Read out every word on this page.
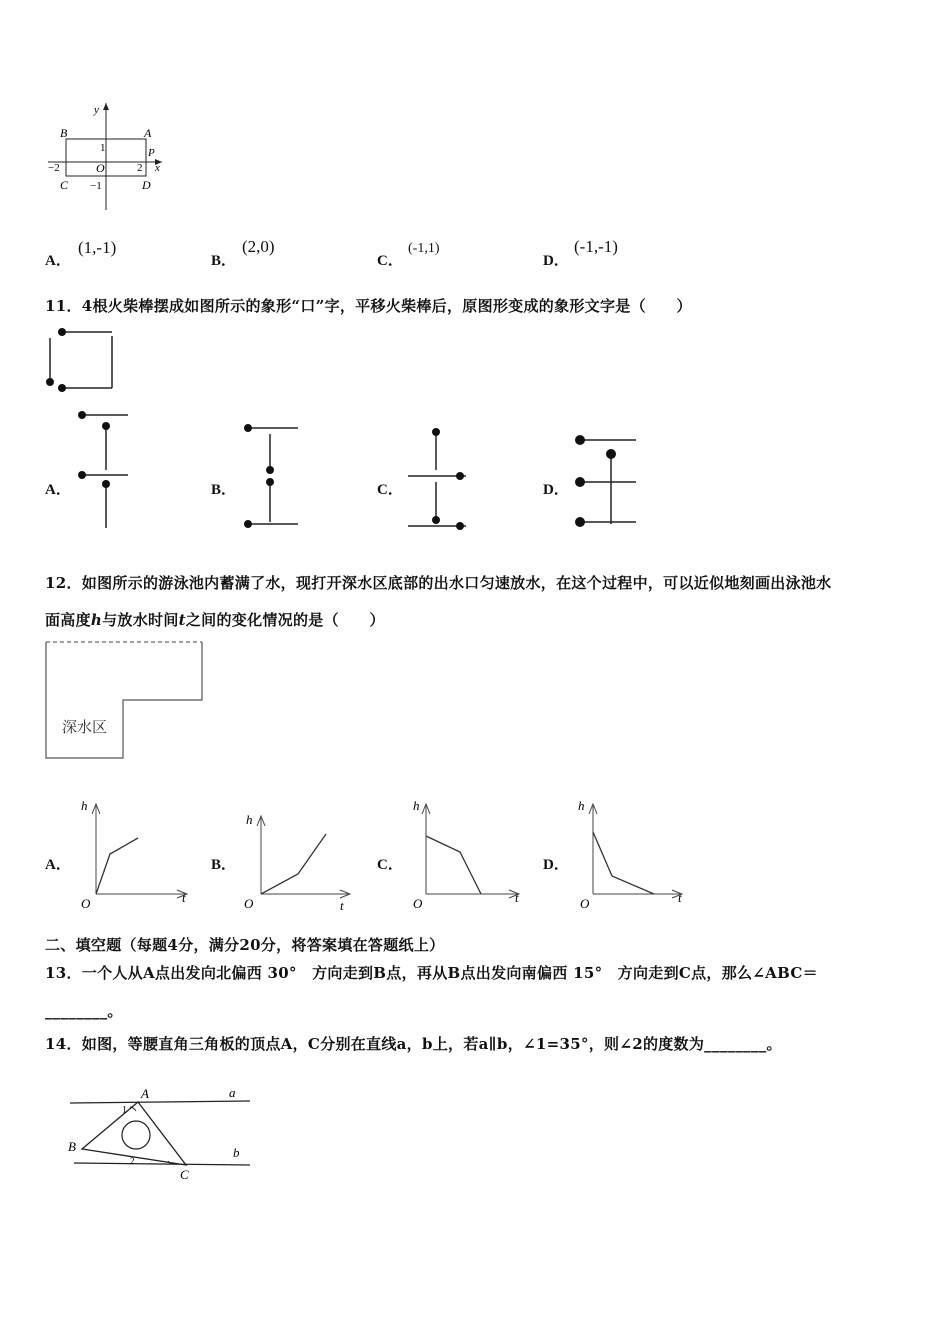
y
B	A
1	P
−2	O	2 x
C −1	D
A．
(1,‑1)
B．
(2,0)
C．
(‑1,1)
D．
(‑1,‑1)
11．4根火柴棒摆成如图所示的象形“口”字，平移火柴棒后，原图形变成的象形文字是（　　）
A．	B．	C．	D．
12．如图所示的游泳池内蓄满了水，现打开深水区底部的出水口匀速放水，在这个过程中，可以近似地刻画出泳池水
面高度h与放水时间t之间的变化情况的是（　　）
深水区
A．
h
t
O
B．
h
t
O
C．
h
t
O
D．
h
t
O
二、填空题（每题4分，满分20分，将答案填在答题纸上）
13．一个人从A点出发向北偏西 30°　方向走到B点，再从B点出发向南偏西 15°　方向走到C点，那么∠ABC＝
________。
14．如图，等腰直角三角板的顶点A，C分别在直线a，b上，若a∥b，∠1=35°，则∠2的度数为________。
A	a
1
B	b
2
C
